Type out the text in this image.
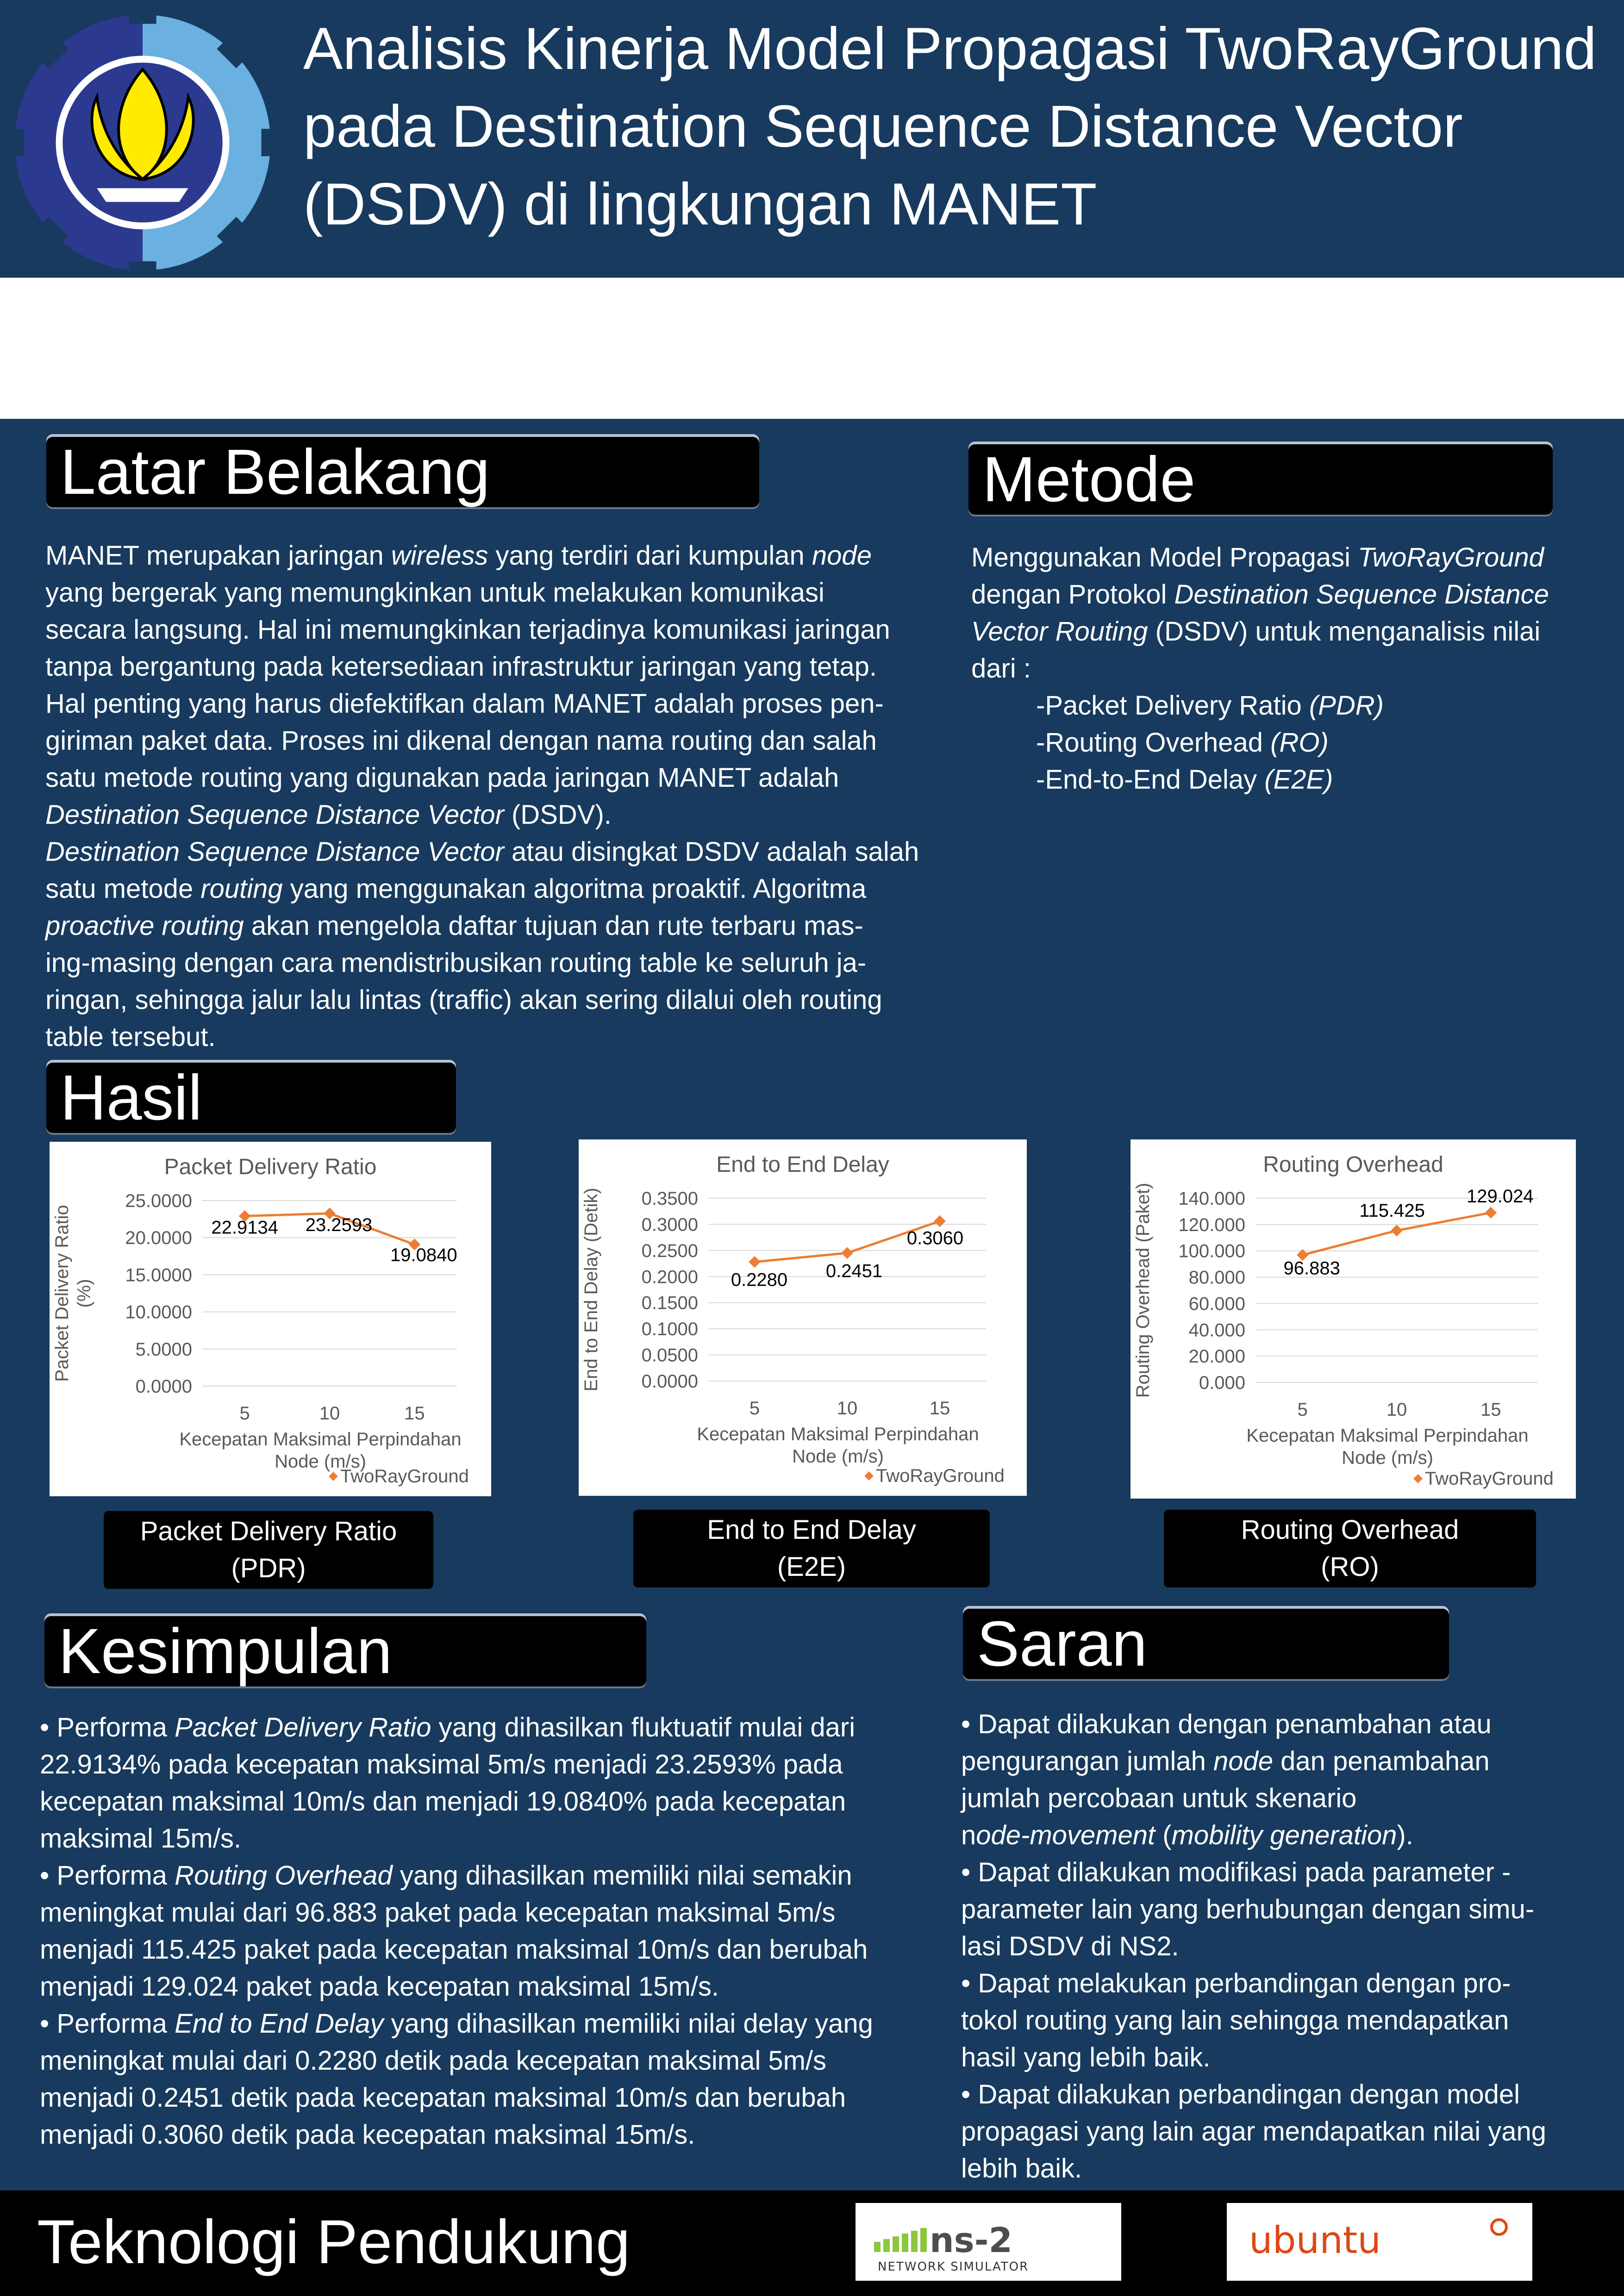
Analisis Kinerja Model Propagasi TwoRayGround
pada Destination Sequence Distance Vector
(DSDV) di lingkungan MANET
Penulis
Muhammad Adnan Yusuf
NRP 05111340000001
Dosen Pembimbing I
Henning Titi Ciptaningtyas, S.Kom., M.Kom.
NIP: 198407082010122004
Dosen Pembimbing II
Dr.Eng. Radityo Anggoro S.Kom., M.Kom.
NIP 198410162008121002
Latar Belakang
MANET merupakan jaringan wireless yang terdiri dari kumpulan node
yang bergerak yang memungkinkan untuk melakukan komunikasi
secara langsung. Hal ini memungkinkan terjadinya komunikasi jaringan
tanpa bergantung pada ketersediaan infrastruktur jaringan yang tetap.
Hal penting yang harus diefektifkan dalam MANET adalah proses pen-
giriman paket data. Proses ini dikenal dengan nama routing dan salah
satu metode routing yang digunakan pada jaringan MANET adalah
Destination Sequence Distance Vector (DSDV).
Destination Sequence Distance Vector atau disingkat DSDV adalah salah
satu metode routing yang menggunakan algoritma proaktif. Algoritma
proactive routing akan mengelola daftar tujuan dan rute terbaru mas-
ing-masing dengan cara mendistribusikan routing table ke seluruh ja-
ringan, sehingga jalur lalu lintas (traffic) akan sering dilalui oleh routing
table tersebut.
Metode
Menggunakan Model Propagasi TwoRayGround
dengan Protokol Destination Sequence Distance
Vector Routing (DSDV) untuk menganalisis nilai
dari :
-Packet Delivery Ratio (PDR)
-Routing Overhead (RO)
-End-to-End Delay (E2E)
Hasil
Packet Delivery Ratio
25.0000
20.0000
15.0000
10.0000
5.0000
0.0000
5	10	15
Kecepatan Maksimal Perpindahan
Node (m/s)
Packet Delivery Ratio (%)
22.9134 23.2593
19.0840
TwoRayGround
End to End Delay
0.3500
0.3000
0.2500
0.2000
0.1500
0.1000
0.0500
0.0000
5	10	15
Kecepatan Maksimal Perpindahan
Node (m/s)
End to End Delay (Detik)	0.2280 0.2451
0.3060
TwoRayGround
Routing Overhead
140.000
120.000
100.000
80.000
60.000
40.000
20.000
0.000
5	10	15
Kecepatan Maksimal Perpindahan
Node (m/s)
Routing Overhead (Paket)	96.883
115.425
129.024
TwoRayGround
Packet Delivery Ratio
(PDR)
End to End Delay
(E2E)
Routing Overhead
(RO)
Kesimpulan
• Performa Packet Delivery Ratio yang dihasilkan fluktuatif mulai dari
22.9134% pada kecepatan maksimal 5m/s menjadi 23.2593% pada
kecepatan maksimal 10m/s dan menjadi 19.0840% pada kecepatan
maksimal 15m/s.
• Performa Routing Overhead yang dihasilkan memiliki nilai semakin
meningkat mulai dari 96.883 paket pada kecepatan maksimal 5m/s
menjadi 115.425 paket pada kecepatan maksimal 10m/s dan berubah
menjadi 129.024 paket pada kecepatan maksimal 15m/s.
• Performa End to End Delay yang dihasilkan memiliki nilai delay yang
meningkat mulai dari 0.2280 detik pada kecepatan maksimal 5m/s
menjadi 0.2451 detik pada kecepatan maksimal 10m/s dan berubah
menjadi 0.3060 detik pada kecepatan maksimal 15m/s.
Saran
• Dapat dilakukan dengan penambahan atau
pengurangan jumlah node dan penambahan
jumlah percobaan untuk skenario
node-movement (mobility generation).
• Dapat dilakukan modifikasi pada parameter -
parameter lain yang berhubungan dengan simu-
lasi DSDV di NS2.
• Dapat melakukan perbandingan dengan pro-
tokol routing yang lain sehingga mendapatkan
hasil yang lebih baik.
• Dapat dilakukan perbandingan dengan model
propagasi yang lain agar mendapatkan nilai yang
lebih baik.
Teknologi Pendukung	ns-2
NETWORK SIMULATOR
ubuntu
